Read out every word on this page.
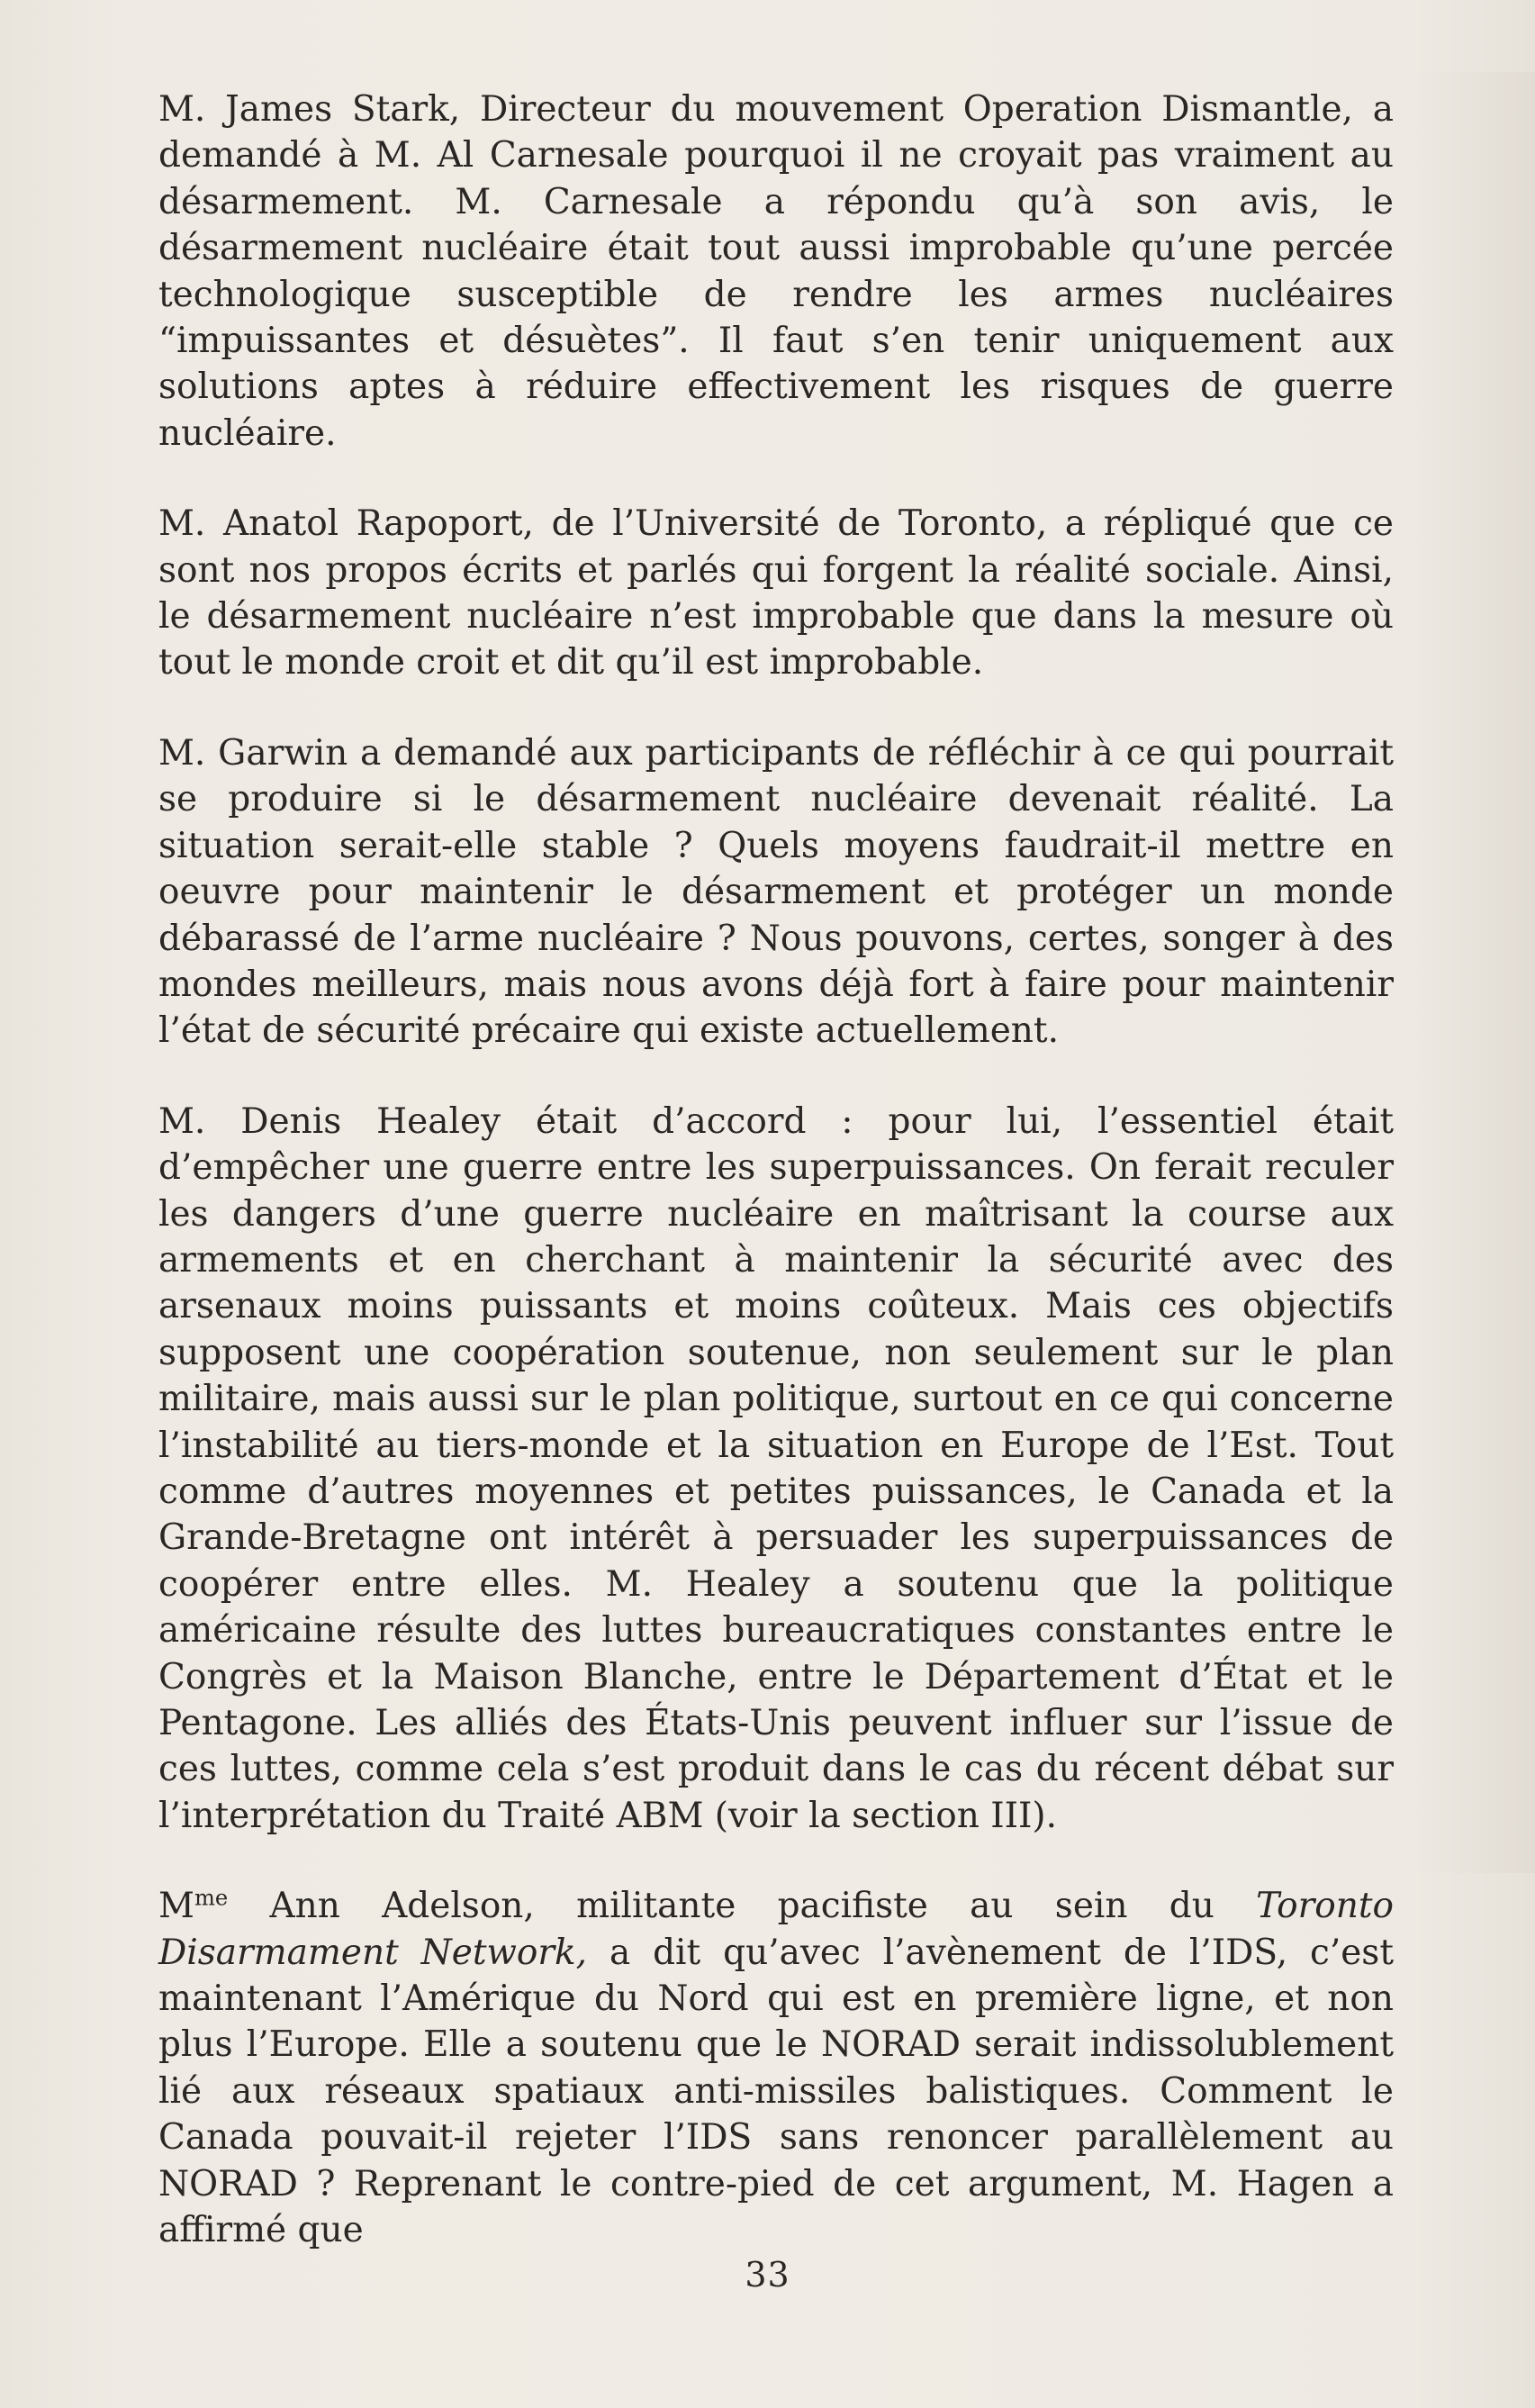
M. James Stark, Directeur du mouvement Operation Dismantle, a demandé à M. Al Carnesale pourquoi il ne croyait pas vraiment au désarmement. M. Carnesale a répondu qu’à son avis, le désarmement nucléaire était tout aussi improbable qu’une percée technologique susceptible de rendre les armes nucléaires “impuissantes et désuètes”. Il faut s’en tenir uniquement aux solutions aptes à réduire effectivement les risques de guerre nucléaire.

M. Anatol Rapoport, de l’Université de Toronto, a répliqué que ce sont nos propos écrits et parlés qui forgent la réalité sociale. Ainsi, le désarmement nucléaire n’est improbable que dans la mesure où tout le monde croit et dit qu’il est improbable.

M. Garwin a demandé aux participants de réfléchir à ce qui pourrait se produire si le désarmement nucléaire devenait réalité. La situation serait-elle stable ? Quels moyens faudrait-il mettre en oeuvre pour maintenir le désarmement et protéger un monde débarassé de l’arme nucléaire ? Nous pouvons, certes, songer à des mondes meilleurs, mais nous avons déjà fort à faire pour maintenir l’état de sécurité précaire qui existe actuellement.

M. Denis Healey était d’accord : pour lui, l’essentiel était d’empêcher une guerre entre les superpuissances. On ferait reculer les dangers d’une guerre nucléaire en maîtrisant la course aux armements et en cherchant à maintenir la sécurité avec des arsenaux moins puissants et moins coûteux. Mais ces objectifs supposent une coopération soutenue, non seulement sur le plan militaire, mais aussi sur le plan politique, surtout en ce qui concerne l’instabilité au tiers-monde et la situation en Europe de l’Est. Tout comme d’autres moyennes et petites puissances, le Canada et la Grande-Bretagne ont intérêt à persuader les superpuissances de coopérer entre elles. M. Healey a soutenu que la politique américaine résulte des luttes bureaucratiques constantes entre le Congrès et la Maison Blanche, entre le Département d’État et le Pentagone. Les alliés des États-Unis peuvent influer sur l’issue de ces luttes, comme cela s’est produit dans le cas du récent débat sur l’interprétation du Traité ABM (voir la section III).

$M^{me}$ Ann Adelson, militante pacifiste au sein du Toronto Disarmament Network, a dit qu’avec l’avènement de l’IDS, c’est maintenant l’Amérique du Nord qui est en première ligne, et non plus l’Europe. Elle a soutenu que le NORAD serait indissolublement lié aux réseaux spatiaux anti-missiles balistiques. Comment le Canada pouvait-il rejeter l’IDS sans renoncer parallèlement au NORAD ? Reprenant le contre-pied de cet argument, M. Hagen a affirmé que

33
